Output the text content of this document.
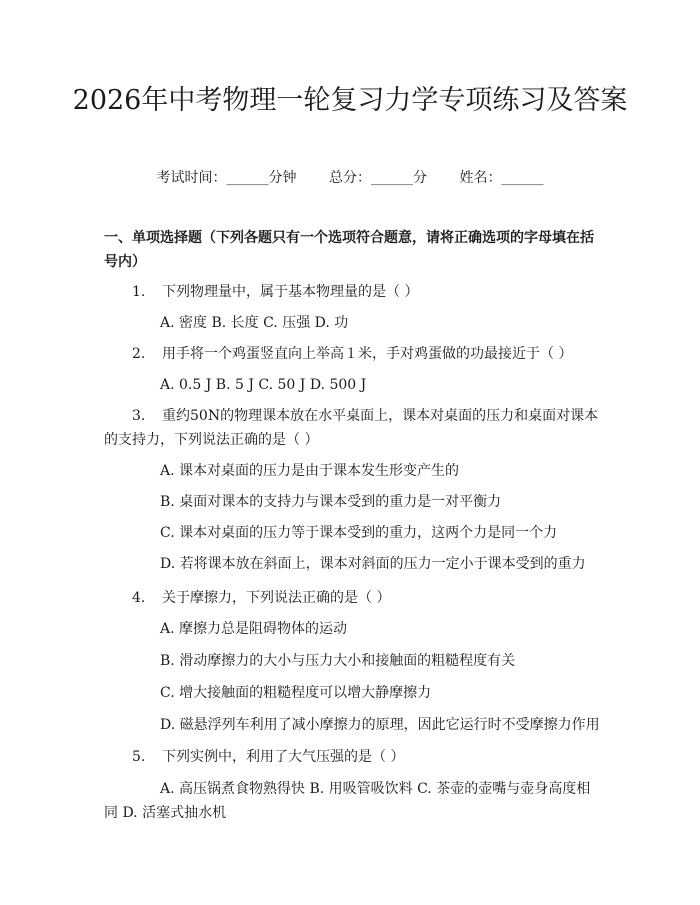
2026年中考物理一轮复习力学专项练习及答案
考试时间：______分钟 总分：______分 姓名：______
一、单项选择题（下列各题只有一个选项符合题意，请将正确选项的字母填在括号内）
1. 下列物理量中，属于基本物理量的是（ ）
A. 密度 B. 长度 C. 压强 D. 功
2. 用手将一个鸡蛋竖直向上举高１米，手对鸡蛋做的功最接近于（ ）
A. 0.5 J B. 5 J C. 50 J D. 500 J
3. 重约50N的物理课本放在水平桌面上，课本对桌面的压力和桌面对课本的支持力，下列说法正确的是（ ）
A. 课本对桌面的压力是由于课本发生形变产生的
B. 桌面对课本的支持力与课本受到的重力是一对平衡力
C. 课本对桌面的压力等于课本受到的重力，这两个力是同一个力
D. 若将课本放在斜面上，课本对斜面的压力一定小于课本受到的重力
4. 关于摩擦力，下列说法正确的是（ ）
A. 摩擦力总是阻碍物体的运动
B. 滑动摩擦力的大小与压力大小和接触面的粗糙程度有关
C. 增大接触面的粗糙程度可以增大静摩擦力
D. 磁悬浮列车利用了减小摩擦力的原理，因此它运行时不受摩擦力作用
5. 下列实例中，利用了大气压强的是（ ）
A. 高压锅煮食物熟得快 B. 用吸管吸饮料 C. 茶壶的壶嘴与壶身高度相同 D. 活塞式抽水机
